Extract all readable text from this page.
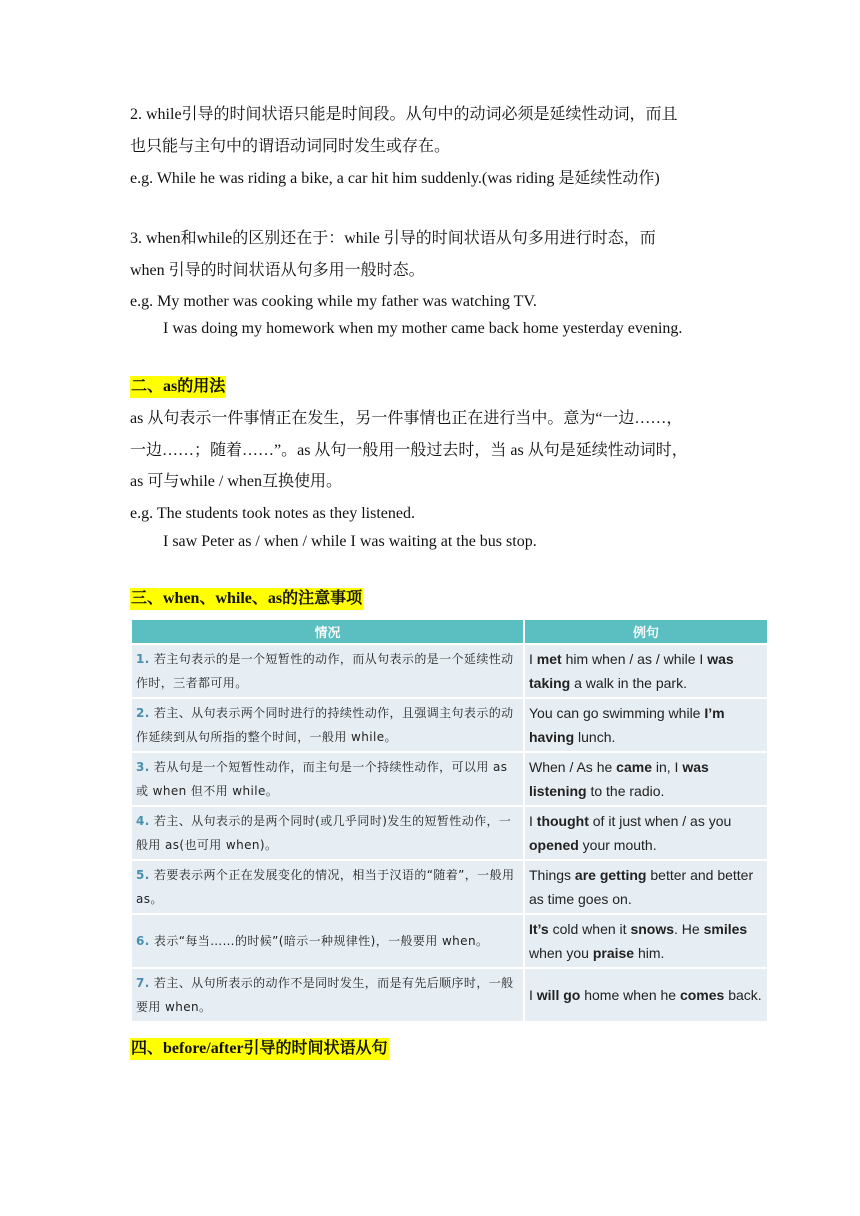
2. while引导的时间状语只能是时间段。从句中的动词必须是延续性动词，而且
也只能与主句中的谓语动词同时发生或存在。
e.g. While he was riding a bike, a car hit him suddenly.(was riding 是延续性动作)
3. when和while的区别还在于：while 引导的时间状语从句多用进行时态，而
when 引导的时间状语从句多用一般时态。
e.g. My mother was cooking while my father was watching TV.
I was doing my homework when my mother came back home yesterday evening.
二、as的用法
as 从句表示一件事情正在发生，另一件事情也正在进行当中。意为“一边……，
一边……；随着……”。as 从句一般用一般过去时，当 as 从句是延续性动词时，
as 可与while / when互换使用。
e.g. The students took notes as they listened.
I saw Peter as / when / while I was waiting at the bus stop.
三、when、while、as的注意事项
情况	例句
1. 若主句表示的是一个短暂性的动作，而从句表示的是一个延续性动作时，三者都可用。	I met him when / as / while I was taking a walk in the park.
2. 若主、从句表示两个同时进行的持续性动作，且强调主句表示的动作延续到从句所指的整个时间，一般用 while。	You can go swimming while I’m having lunch.
3. 若从句是一个短暂性动作，而主句是一个持续性动作，可以用 as 或 when 但不用 while。	When / As he came in, I was listening to the radio.
4. 若主、从句表示的是两个同时(或几乎同时)发生的短暂性动作，一般用 as(也可用 when)。	I thought of it just when / as you opened your mouth.
5. 若要表示两个正在发展变化的情况，相当于汉语的“随着”，一般用 as。	Things are getting better and better as time goes on.
6. 表示“每当……的时候”(暗示一种规律性)，一般要用 when。	It’s cold when it snows. He smiles when you praise him.
7. 若主、从句所表示的动作不是同时发生，而是有先后顺序时，一般要用 when。	I will go home when he comes back.
四、before/after引导的时间状语从句
